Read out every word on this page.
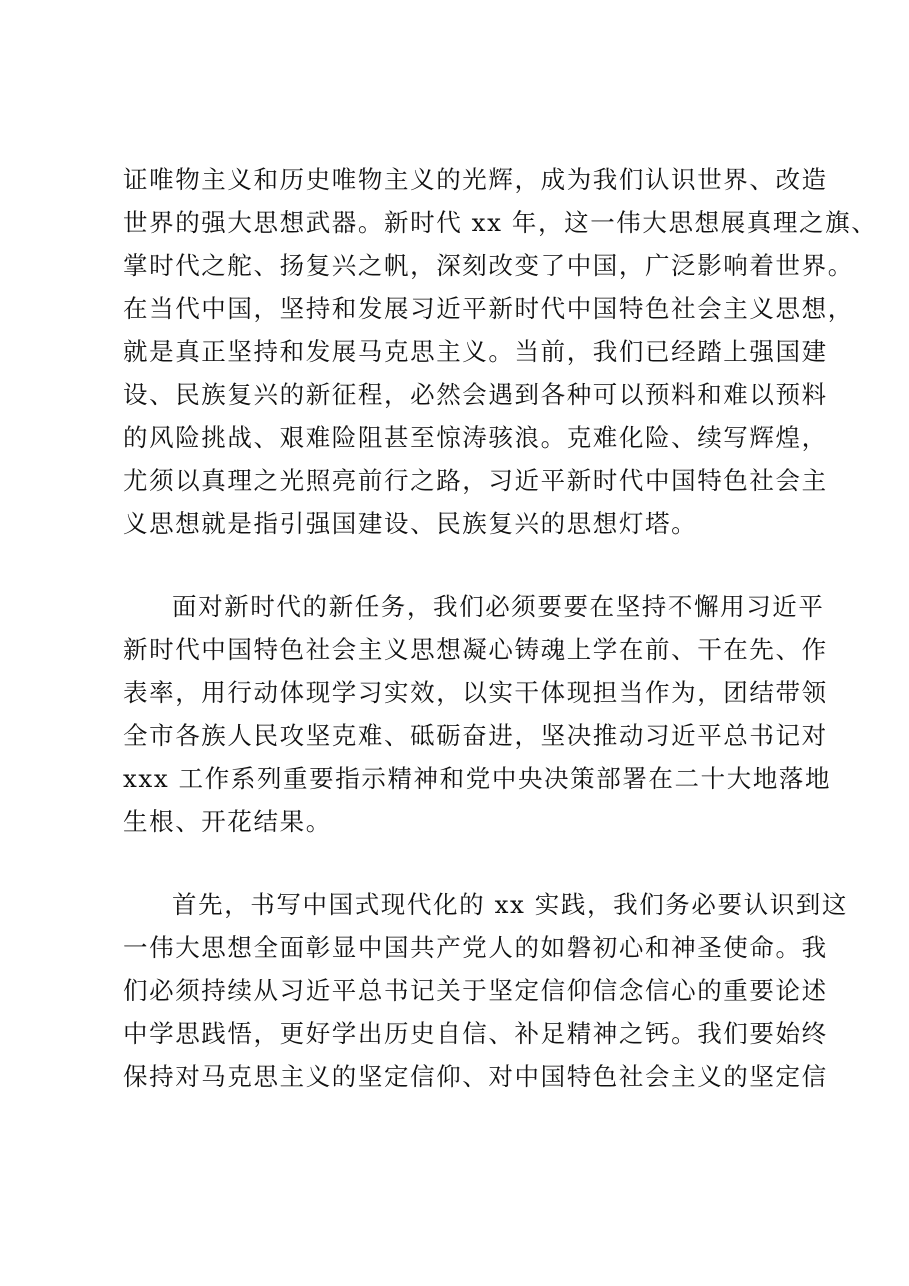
证唯物主义和历史唯物主义的光辉，成为我们认识世界、改造
世界的强大思想武器。新时代 xx 年，这一伟大思想展真理之旗、
掌时代之舵、扬复兴之帆，深刻改变了中国，广泛影响着世界。
在当代中国，坚持和发展习近平新时代中国特色社会主义思想，
就是真正坚持和发展马克思主义。当前，我们已经踏上强国建
设、民族复兴的新征程，必然会遇到各种可以预料和难以预料
的风险挑战、艰难险阻甚至惊涛骇浪。克难化险、续写辉煌，
尤须以真理之光照亮前行之路，习近平新时代中国特色社会主
义思想就是指引强国建设、民族复兴的思想灯塔。
面对新时代的新任务，我们必须要要在坚持不懈用习近平
新时代中国特色社会主义思想凝心铸魂上学在前、干在先、作
表率，用行动体现学习实效，以实干体现担当作为，团结带领
全市各族人民攻坚克难、砥砺奋进，坚决推动习近平总书记对
xxx 工作系列重要指示精神和党中央决策部署在二十大地落地
生根、开花结果。
首先，书写中国式现代化的 xx 实践，我们务必要认识到这
一伟大思想全面彰显中国共产党人的如磐初心和神圣使命。我
们必须持续从习近平总书记关于坚定信仰信念信心的重要论述
中学思践悟，更好学出历史自信、补足精神之钙。我们要始终
保持对马克思主义的坚定信仰、对中国特色社会主义的坚定信
